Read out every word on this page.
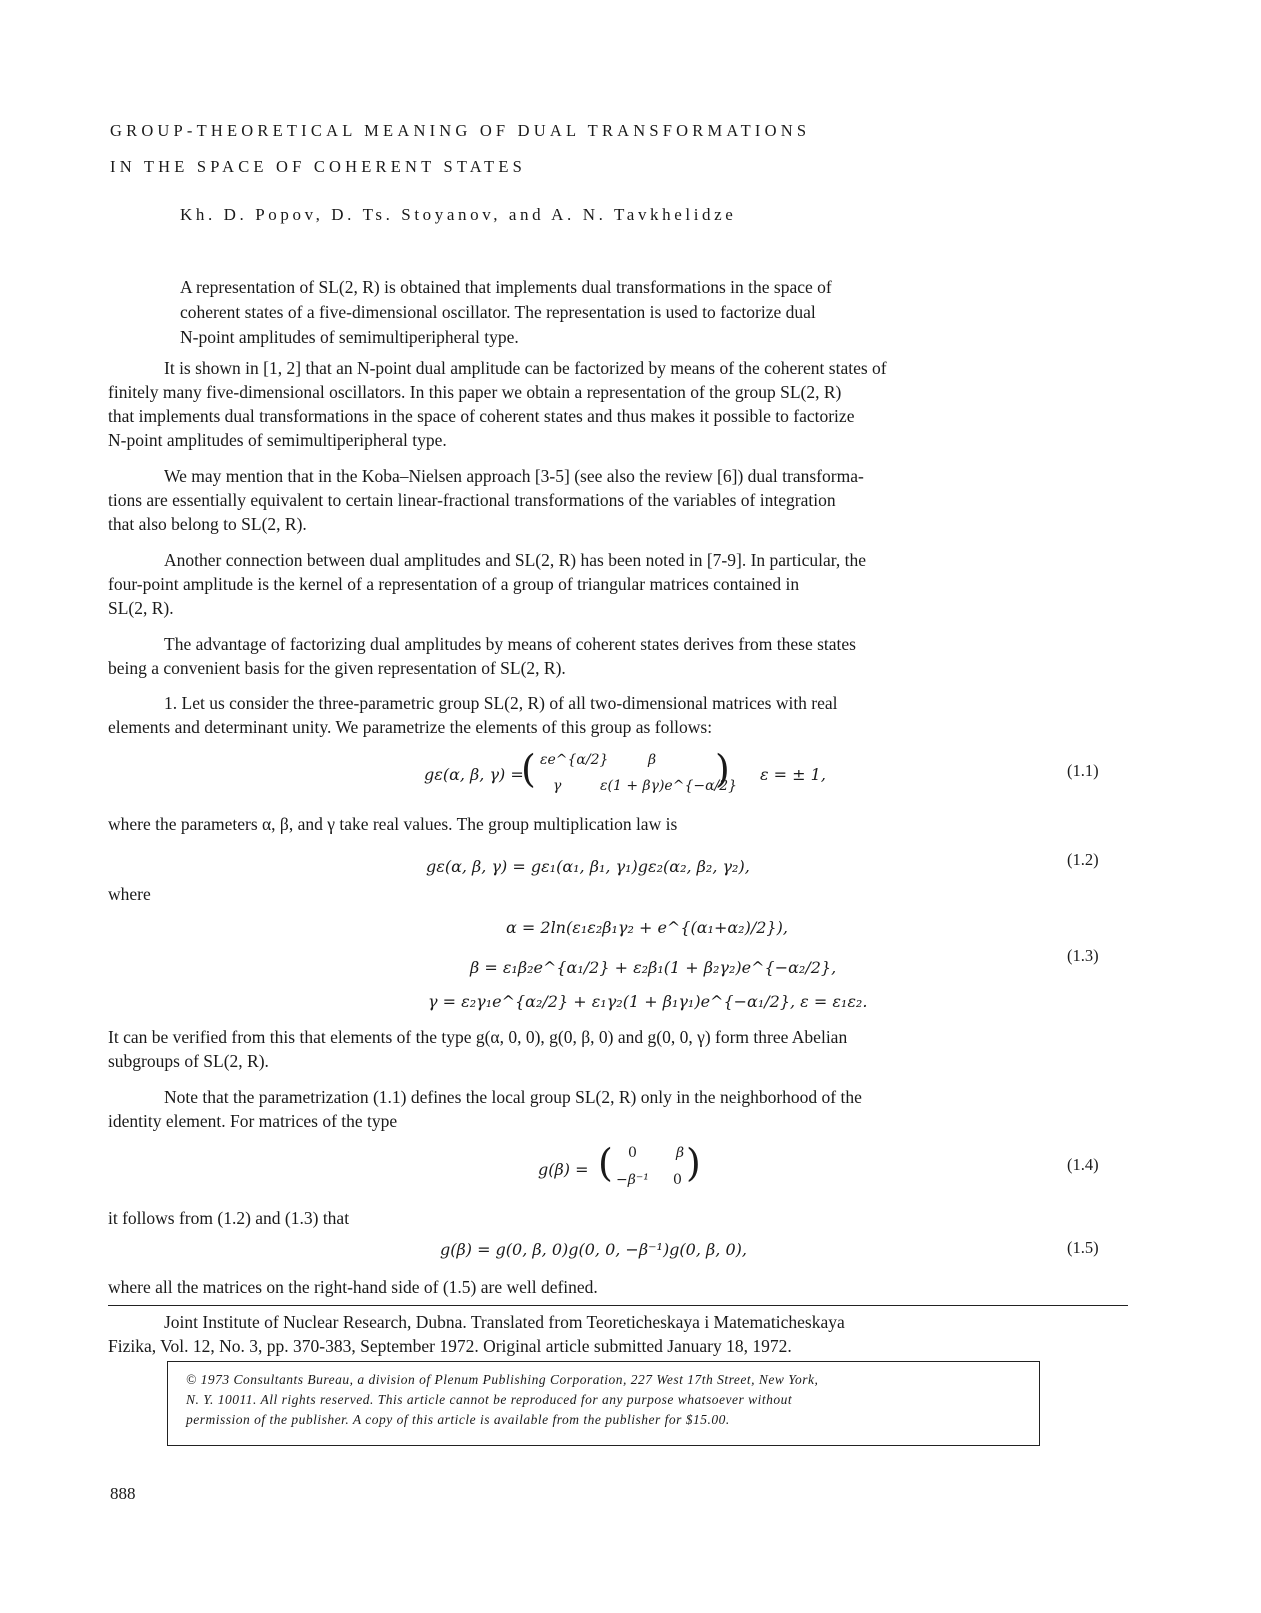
GROUP-THEORETICAL MEANING OF DUAL TRANSFORMATIONS
IN THE SPACE OF COHERENT STATES
Kh. D. Popov, D. Ts. Stoyanov, and A. N. Tavkhelidze
A representation of SL(2, R) is obtained that implements dual transformations in the space of
coherent states of a five-dimensional oscillator. The representation is used to factorize dual
N-point amplitudes of semimultiperipheral type.
It is shown in [1, 2] that an N-point dual amplitude can be factorized by means of the coherent states of
finitely many five-dimensional oscillators. In this paper we obtain a representation of the group SL(2, R)
that implements dual transformations in the space of coherent states and thus makes it possible to factorize
N-point amplitudes of semimultiperipheral type.
We may mention that in the Koba–Nielsen approach [3-5] (see also the review [6]) dual transforma-
tions are essentially equivalent to certain linear-fractional transformations of the variables of integration
that also belong to SL(2, R).
Another connection between dual amplitudes and SL(2, R) has been noted in [7-9]. In particular, the
four-point amplitude is the kernel of a representation of a group of triangular matrices contained in
SL(2, R).
The advantage of factorizing dual amplitudes by means of coherent states derives from these states
being a convenient basis for the given representation of SL(2, R).
1. Let us consider the three-parametric group SL(2, R) of all two-dimensional matrices with real
elements and determinant unity. We parametrize the elements of this group as follows:
gε(α, β, γ) =
( εe^{α/2}	β
γ	ε(1 + βγ)e^{−α/2}
) ε = ± 1,	(1.1)
where the parameters α, β, and γ take real values. The group multiplication law is
gε(α, β, γ) = gε₁(α₁, β₁, γ₁)gε₂(α₂, β₂, γ₂),	(1.2)
where
α = 2ln(ε₁ε₂β₁γ₂ + e^{(α₁+α₂)/2}),
β = ε₁β₂e^{α₁/2} + ε₂β₁(1 + β₂γ₂)e^{−α₂/2},
γ = ε₂γ₁e^{α₂/2} + ε₁γ₂(1 + β₁γ₁)e^{−α₁/2}, ε = ε₁ε₂.
(1.3)
It can be verified from this that elements of the type g(α, 0, 0), g(0, β, 0) and g(0, 0, γ) form three Abelian
subgroups of SL(2, R).
Note that the parametrization (1.1) defines the local group SL(2, R) only in the neighborhood of the
identity element. For matrices of the type
g(β) = ( 0	β
−β⁻¹ 0 )	(1.4)
it follows from (1.2) and (1.3) that
g(β) = g(0, β, 0)g(0, 0, −β⁻¹)g(0, β, 0),	(1.5)
where all the matrices on the right-hand side of (1.5) are well defined.
Joint Institute of Nuclear Research, Dubna. Translated from Teoreticheskaya i Matematicheskaya
Fizika, Vol. 12, No. 3, pp. 370-383, September 1972. Original article submitted January 18, 1972.
© 1973 Consultants Bureau, a division of Plenum Publishing Corporation, 227 West 17th Street, New York,
N. Y. 10011. All rights reserved. This article cannot be reproduced for any purpose whatsoever without
permission of the publisher. A copy of this article is available from the publisher for $15.00.
888
